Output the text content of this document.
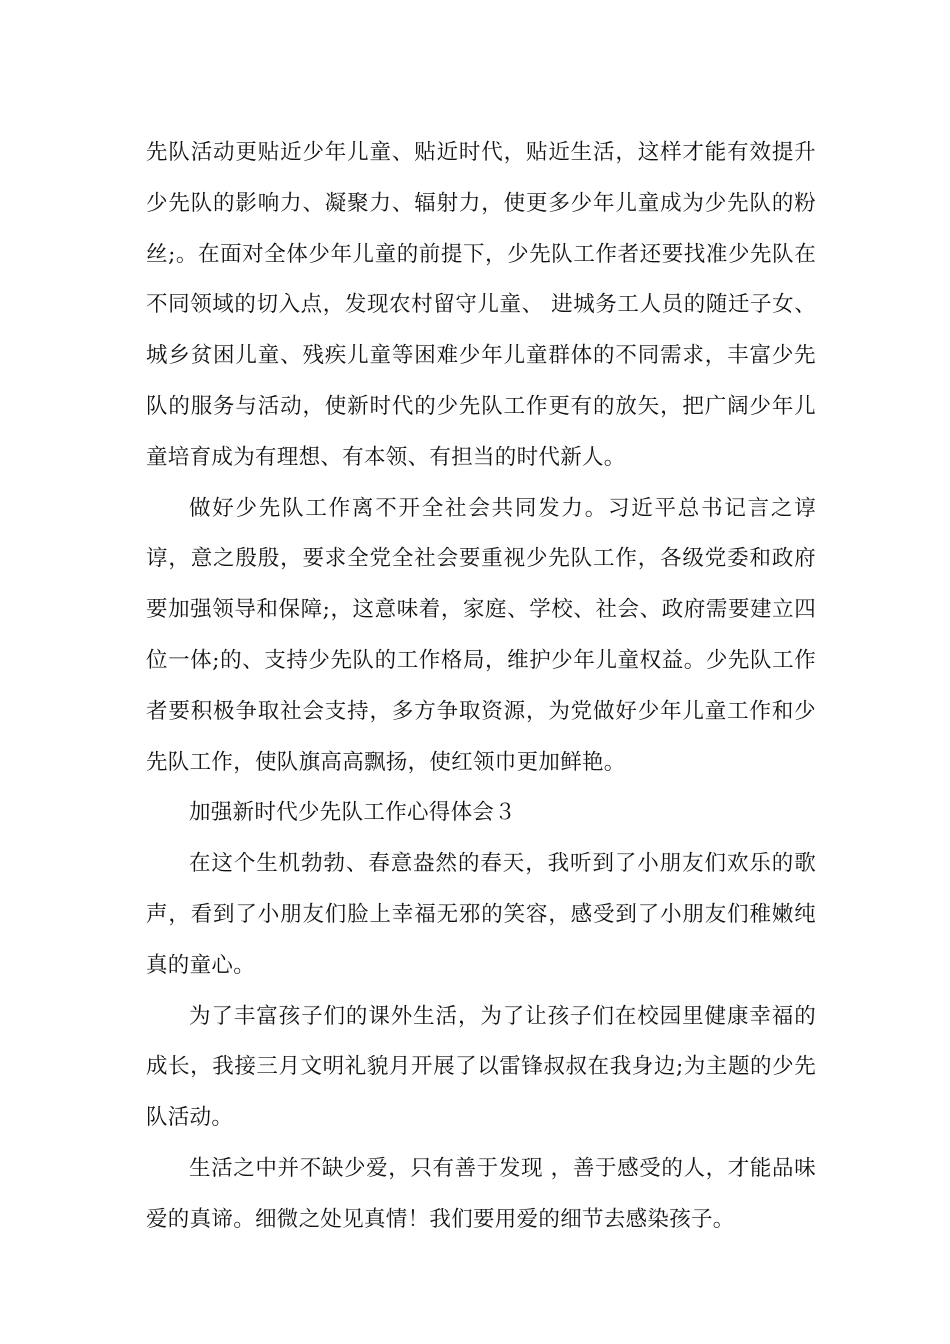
先队活动更贴近少年儿童、贴近时代，贴近生活，这样才能有效提升少先队的影响力、凝聚力、辐射力，使更多少年儿童成为少先队的粉丝;。在面对全体少年儿童的前提下，少先队工作者还要找准少先队在不同领域的切入点，发现农村留守儿童、 进城务工人员的随迁子女、城乡贫困儿童、残疾儿童等困难少年儿童群体的不同需求，丰富少先队的服务与活动，使新时代的少先队工作更有的放矢，把广阔少年儿童培育成为有理想、有本领、有担当的时代新人。

做好少先队工作离不开全社会共同发力。习近平总书记言之谆谆，意之殷殷，要求全党全社会要重视少先队工作，各级党委和政府要加强领导和保障;，这意味着，家庭、学校、社会、政府需要建立四位一体;的、支持少先队的工作格局，维护少年儿童权益。少先队工作者要积极争取社会支持，多方争取资源，为党做好少年儿童工作和少先队工作，使队旗高高飘扬，使红领巾更加鲜艳。

加强新时代少先队工作心得体会３

在这个生机勃勃、春意盎然的春天，我听到了小朋友们欢乐的歌声，看到了小朋友们脸上幸福无邪的笑容，感受到了小朋友们稚嫩纯真的童心。

为了丰富孩子们的课外生活，为了让孩子们在校园里健康幸福的成长，我接三月文明礼貌月开展了以雷锋叔叔在我身边;为主题的少先队活动。

生活之中并不缺少爱，只有善于发现 ，善于感受的人，才能品味爱的真谛。细微之处见真情！我们要用爱的细节去感染孩子。
